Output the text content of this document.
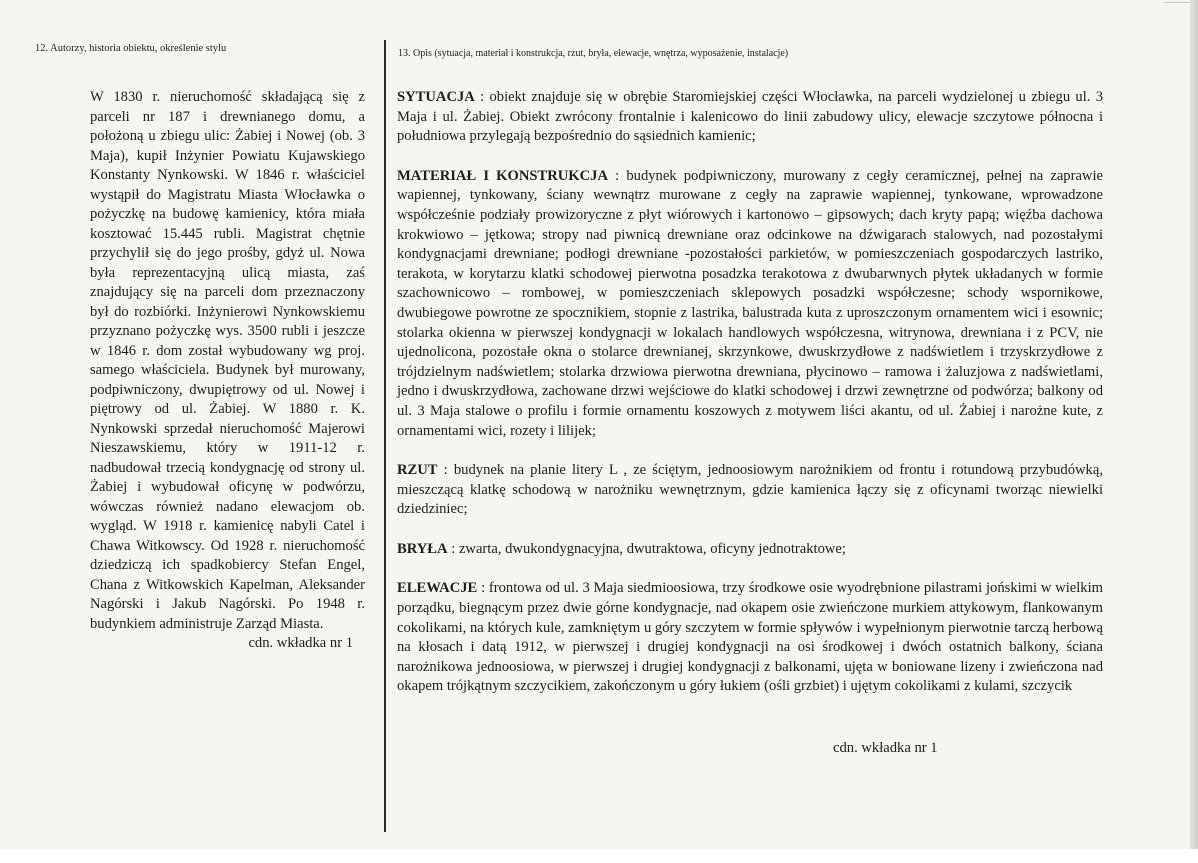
12. Autorzy, historia obiektu, określenie stylu	13. Opis (sytuacja, materiał i konstrukcja, rzut, bryła, elewacje, wnętrza, wyposażenie, instalacje)
W 1830 r. nieruchomość składającą się z parceli nr 187 i drewnianego domu, a położoną u zbiegu ulic: Żabiej i Nowej (ob. 3 Maja), kupił Inżynier Powiatu Kujawskiego Konstanty Nynkowski. W 1846 r. właściciel wystąpił do Magistratu Miasta Włocławka o pożyczkę na budowę kamienicy, która miała kosztować 15.445 rubli. Magistrat chętnie przychylił się do jego prośby, gdyż ul. Nowa była reprezentacyjną ulicą miasta, zaś znajdujący się na parceli dom przeznaczony był do rozbiórki. Inżynierowi Nynkowskiemu przyznano pożyczkę wys. 3500 rubli i jeszcze w 1846 r. dom został wybudowany wg proj. samego właściciela. Budynek był murowany, podpiwniczony, dwupiętrowy od ul. Nowej i piętrowy od ul. Żabiej. W 1880 r. K. Nynkowski sprzedał nieruchomość Majerowi Nieszawskiemu, który w 1911-12 r. nadbudował trzecią kondygnację od strony ul. Żabiej i wybudował oficynę w podwórzu, wówczas również nadano elewacjom ob. wygląd. W 1918 r. kamienicę nabyli Catel i Chawa Witkowscy. Od 1928 r. nieruchomość dziedziczą ich spadkobiercy Stefan Engel, Chana z Witkowskich Kapelman, Aleksander Nagórski i Jakub Nagórski. Po 1948 r. budynkiem administruje Zarząd Miasta.
cdn. wkładka nr 1
SYTUACJA : obiekt znajduje się w obrębie Staromiejskiej części Włocławka, na parceli wydzielonej u zbiegu ul. 3 Maja i ul. Żabiej. Obiekt zwrócony frontalnie i kalenicowo do linii zabudowy ulicy, elewacje szczytowe północna i południowa przylegają bezpośrednio do sąsiednich kamienic;
MATERIAŁ I KONSTRUKCJA : budynek podpiwniczony, murowany z cegły ceramicznej, pełnej na zaprawie wapiennej, tynkowany, ściany wewnątrz murowane z cegły na zaprawie wapiennej, tynkowane, wprowadzone współcześnie podziały prowizoryczne z płyt wiórowych i kartonowo – gipsowych; dach kryty papą; więźba dachowa krokwiowo – jętkowa; stropy nad piwnicą drewniane oraz odcinkowe na dźwigarach stalowych, nad pozostałymi kondygnacjami drewniane; podłogi drewniane -pozostałości parkietów, w pomieszczeniach gospodarczych lastriko, terakota, w korytarzu klatki schodowej pierwotna posadzka terakotowa z dwubarwnych płytek układanych w formie szachownicowo – rombowej, w pomieszczeniach sklepowych posadzki współczesne; schody wspornikowe, dwubiegowe powrotne ze spocznikiem, stopnie z lastrika, balustrada kuta z uproszczonym ornamentem wici i esownic; stolarka okienna w pierwszej kondygnacji w lokalach handlowych współczesna, witrynowa, drewniana i z PCV, nie ujednolicona, pozostałe okna o stolarce drewnianej, skrzynkowe, dwuskrzydłowe z nadświetlem i trzyskrzydłowe z trójdzielnym nadświetlem; stolarka drzwiowa pierwotna drewniana, płycinowo – ramowa i żaluzjowa z nadświetlami, jedno i dwuskrzydłowa, zachowane drzwi wejściowe do klatki schodowej i drzwi zewnętrzne od podwórza; balkony od ul. 3 Maja stalowe o profilu i formie ornamentu koszowych z motywem liści akantu, od ul. Żabiej i narożne kute, z ornamentami wici, rozety i lilijek;
RZUT : budynek na planie litery L , ze ściętym, jednoosiowym narożnikiem od frontu i rotundową przybudówką, mieszczącą klatkę schodową w narożniku wewnętrznym, gdzie kamienica łączy się z oficynami tworząc niewielki dziedziniec;
BRYŁA : zwarta, dwukondygnacyjna, dwutraktowa, oficyny jednotraktowe;
ELEWACJE : frontowa od ul. 3 Maja siedmioosiowa, trzy środkowe osie wyodrębnione pilastrami jońskimi w wielkim porządku, biegnącym przez dwie górne kondygnacje, nad okapem osie zwieńczone murkiem attykowym, flankowanym cokolikami, na których kule, zamkniętym u góry szczytem w formie spływów i wypełnionym pierwotnie tarczą herbową na kłosach i datą 1912, w pierwszej i drugiej kondygnacji na osi środkowej i dwóch ostatnich balkony, ściana narożnikowa jednoosiowa, w pierwszej i drugiej kondygnacji z balkonami, ujęta w boniowane lizeny i zwieńczona nad okapem trójkątnym szczycikiem, zakończonym u góry łukiem (ośli grzbiet) i ujętym cokolikami z kulami, szczycik
cdn. wkładka nr 1
